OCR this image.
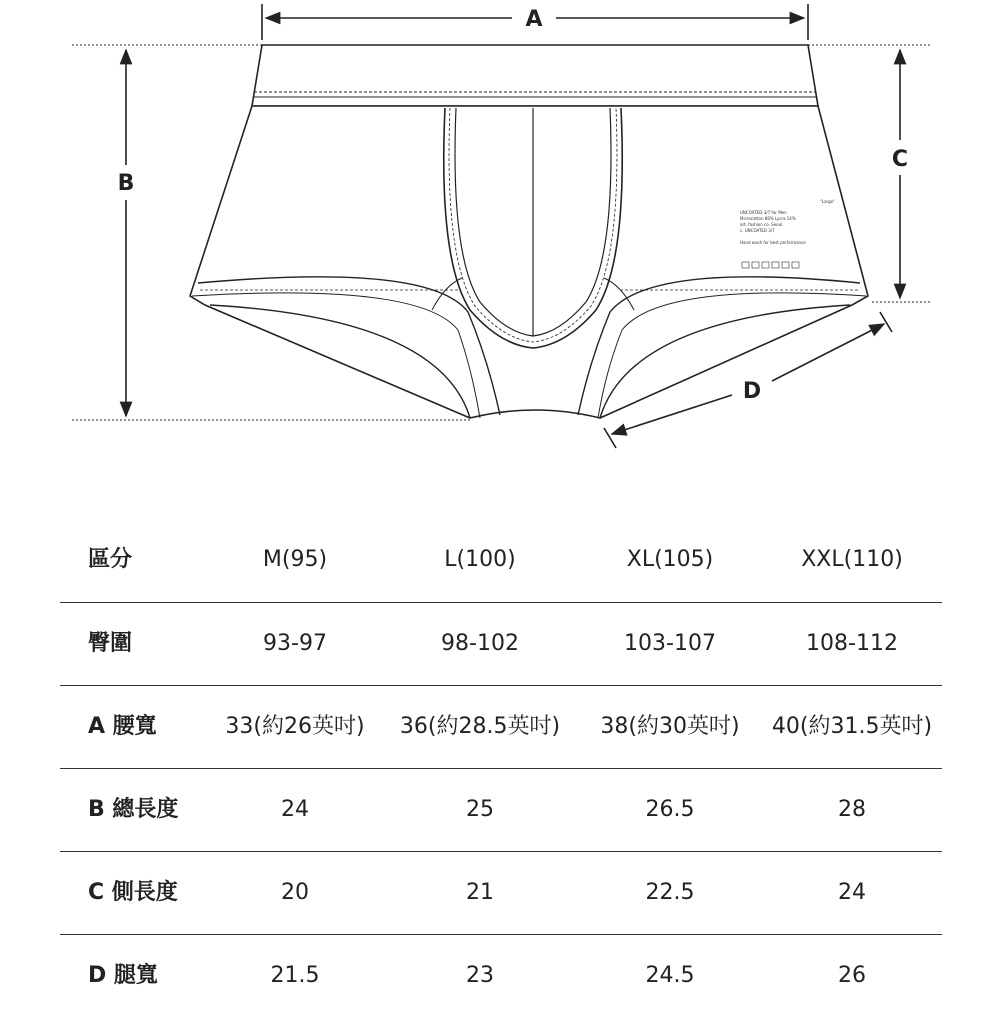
"Large"
UNCOATED-3/7 for Men
Microcotton 86% Lycra 14%
art. fashion co. Seoul
c. UNCOATED 3/7
Hand wash for best performance
A
B
C
D
區分	M(95)	L(100)	XL(105)	XXL(110)
臀圍	93-97	98-102	103-107	108-112
A 腰寬	33(約26英吋)	36(約28.5英吋)	38(約30英吋)	40(約31.5英吋)
B 總長度	24	25	26.5	28
C 側長度	20	21	22.5	24
D 腿寬	21.5	23	24.5	26
